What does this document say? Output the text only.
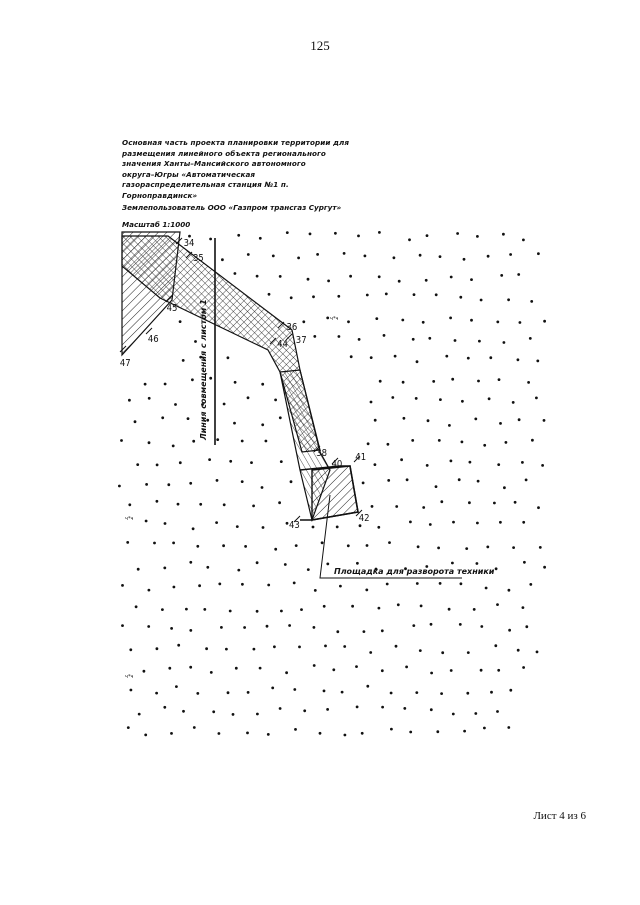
125
Основная часть проекта планировки территории для
размещения линейного объекта регионального
значения Ханты–Мансийского автономного
округа–Югры «Автоматическая
газораспределительная станция №1 п.
Горноправдинск»
Землепользователь ООО «Газпром трансгаз Сургут»
Масштаб 1:1000
34
35
36
37
44
45
46
47
38
40
41
42
43
Линия совмещения с листом 1
Площадка для разворота техники
ч*ч
ч*ч
ч*ч
Лист 4 из 6
